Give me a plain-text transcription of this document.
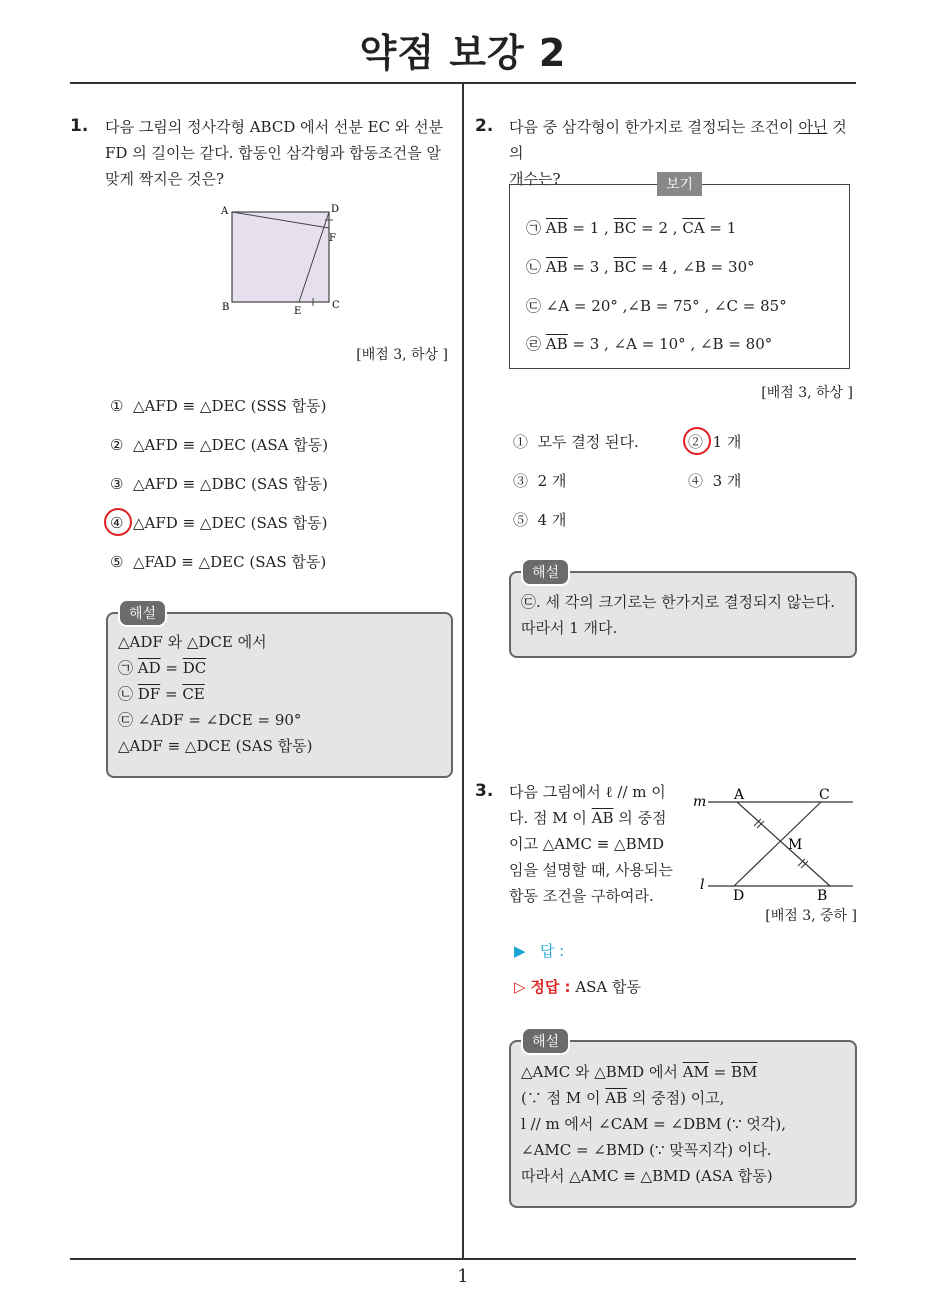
약점 보강 2
1
1. 다음 그림의 정사각형 ABCD 에서 선분 EC 와 선분
FD 의 길이는 같다. 합동인 삼각형과 합동조건을 알
맞게 짝지은 것은?
A	D
F
B	C
E
[배점 3, 하상 ]
① △AFD ≡ △DEC (SSS 합동)
② △AFD ≡ △DEC (ASA 합동)
③ △AFD ≡ △DBC (SAS 합동)
④ △AFD ≡ △DEC (SAS 합동)
⑤ △FAD ≡ △DEC (SAS 합동)
해설
△ADF 와 △DCE 에서
㉠ $\overline{AD} = \overline{DC}$
㉡ $\overline{DF} = \overline{CE}$
㉢ ∠ADF = ∠DCE = 90°
△ADF ≡ △DCE (SAS 합동)
2. 다음 중 삼각형이 한가지로 결정되는 조건이 아닌 것의
개수는?	보기
㉠ $\overline{AB} = 1$ , $\overline{BC} = 2$ , $\overline{CA} = 1$
㉡ $\overline{AB} = 3$ , $\overline{BC} = 4$ , ∠B = 30°
㉢ ∠A = 20° ,∠B = 75° , ∠C = 85°
㉣ $\overline{AB} = 3$ , ∠A = 10° , ∠B = 80°
[배점 3, 하상 ]
① 모두 결정 된다.	② 1 개
③ 2 개	④ 3 개
⑤ 4 개
해설
㉢. 세 각의 크기로는 한가지로 결정되지 않는다.
따라서 1 개다.
3. 다음 그림에서 ℓ // m 이
다. 점 M 이 $\overline{AB}$ 의 중점
이고 △AMC ≡ △BMD
임을 설명할 때, 사용되는
합동 조건을 구하여라.
m
l
A	C
M
D	B
[배점 3, 중하 ]
▶ 답 :
▷ 정답 : ASA 합동
해설
△AMC 와 △BMD 에서 $\overline{AM} = \overline{BM}$
(∵ 점 M 이 $\overline{AB}$ 의 중점) 이고,
l // m 에서 ∠CAM = ∠DBM (∵ 엇각),
∠AMC = ∠BMD (∵ 맞꼭지각) 이다.
따라서 △AMC ≡ △BMD (ASA 합동)
